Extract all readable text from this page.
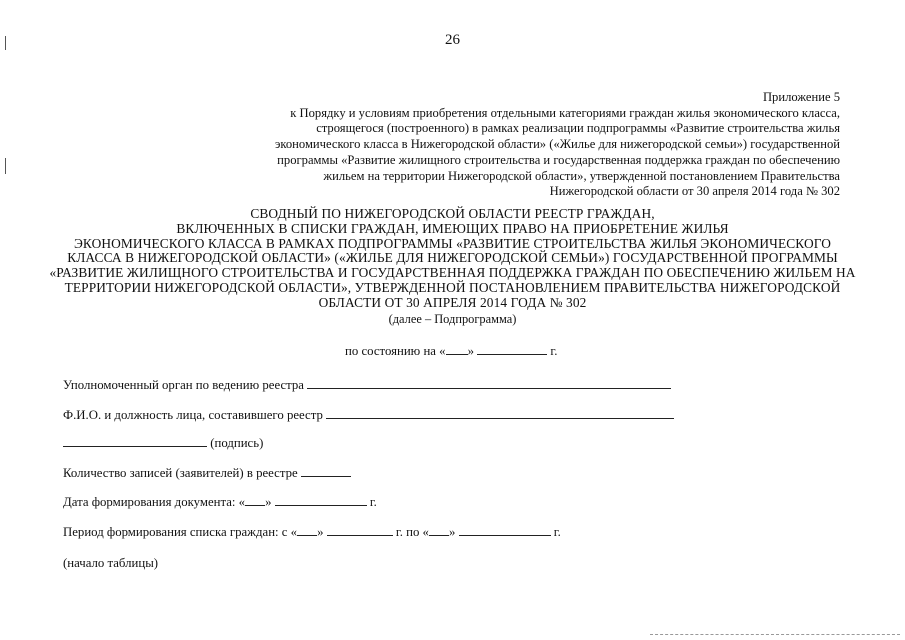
26
Приложение 5
к Порядку и условиям приобретения отдельными категориями граждан жилья экономического класса,
строящегося (построенного) в рамках реализации подпрограммы «Развитие строительства жилья
экономического класса в Нижегородской области» («Жилье для нижегородской семьи») государственной
программы «Развитие жилищного строительства и государственная поддержка граждан по обеспечению
жильем на территории Нижегородской области», утвержденной постановлением Правительства
Нижегородской области от 30 апреля 2014 года № 302
СВОДНЫЙ ПО НИЖЕГОРОДСКОЙ ОБЛАСТИ РЕЕСТР ГРАЖДАН,
ВКЛЮЧЕННЫХ В СПИСКИ ГРАЖДАН, ИМЕЮЩИХ ПРАВО НА ПРИОБРЕТЕНИЕ ЖИЛЬЯ
ЭКОНОМИЧЕСКОГО КЛАССА В РАМКАХ ПОДПРОГРАММЫ «РАЗВИТИЕ СТРОИТЕЛЬСТВА ЖИЛЬЯ ЭКОНОМИЧЕСКОГО
КЛАССА В НИЖЕГОРОДСКОЙ ОБЛАСТИ» («ЖИЛЬЕ ДЛЯ НИЖЕГОРОДСКОЙ СЕМЬИ») ГОСУДАРСТВЕННОЙ ПРОГРАММЫ
«РАЗВИТИЕ ЖИЛИЩНОГО СТРОИТЕЛЬСТВА И ГОСУДАРСТВЕННАЯ ПОДДЕРЖКА ГРАЖДАН ПО ОБЕСПЕЧЕНИЮ ЖИЛЬЕМ НА
ТЕРРИТОРИИ НИЖЕГОРОДСКОЙ ОБЛАСТИ», УТВЕРЖДЕННОЙ ПОСТАНОВЛЕНИЕМ ПРАВИТЕЛЬСТВА НИЖЕГОРОДСКОЙ
ОБЛАСТИ ОТ 30 АПРЕЛЯ 2014 ГОДА № 302
(далее – Подпрограмма)
по состоянию на « »	г.
Уполномоченный орган по ведению реестра
Ф.И.О. и должность лица, составившего реестр
(подпись)
Количество записей (заявителей) в реестре
Дата формирования документа: « »	г.
Период формирования списка граждан: с « »	г. по « »	г.
(начало таблицы)
